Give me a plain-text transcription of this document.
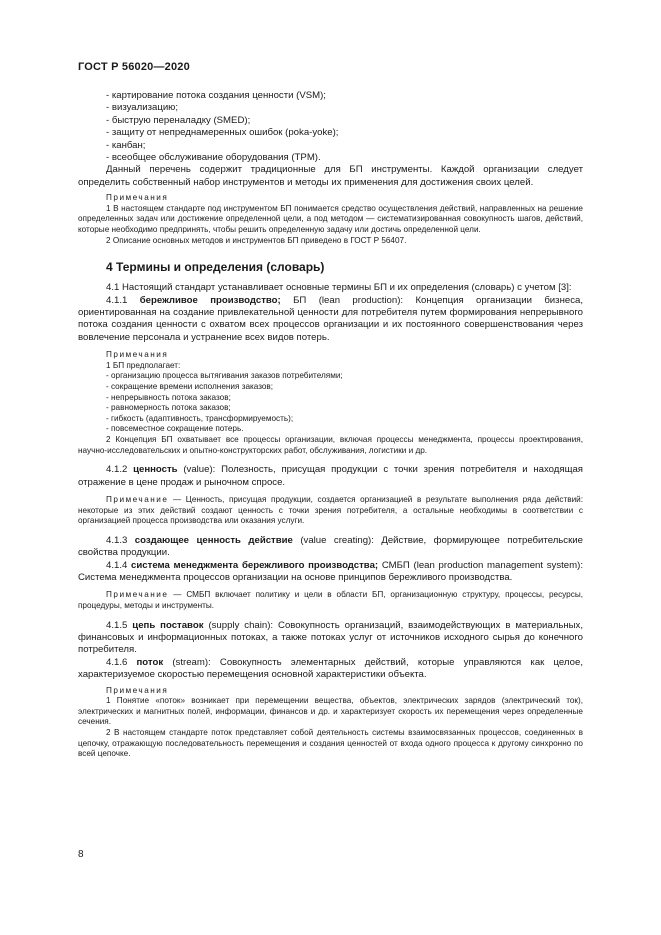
ГОСТ Р 56020—2020

- картирование потока создания ценности (VSM);

- визуализацию;

- быструю переналадку (SMED);

- защиту от непреднамеренных ошибок (poka-yoke);

- канбан;

- всеобщее обслуживание оборудования (TPM).

Данный перечень содержит традиционные для БП инструменты. Каждой организации следует определить собственный набор инструментов и методы их применения для достижения своих целей.

Примечания

1 В настоящем стандарте под инструментом БП понимается средство осуществления действий, направленных на решение определенных задач или достижение определенной цели, а под методом — систематизированная совокупность шагов, действий, которые необходимо предпринять, чтобы решить определенную задачу или достичь определенной цели.

2 Описание основных методов и инструментов БП приведено в ГОСТ Р 56407.

4 Термины и определения (словарь)

4.1 Настоящий стандарт устанавливает основные термины БП и их определения (словарь) с учетом [3]:

4.1.1 бережливое производство; БП (lean production): Концепция организации бизнеса, ориентированная на создание привлекательной ценности для потребителя путем формирования непрерывного потока создания ценности с охватом всех процессов организации и их постоянного совершенствования через вовлечение персонала и устранение всех видов потерь.

Примечания

1 БП предполагает:

- организацию процесса вытягивания заказов потребителями;

- сокращение времени исполнения заказов;

- непрерывность потока заказов;

- равномерность потока заказов;

- гибкость (адаптивность, трансформируемость);

- повсеместное сокращение потерь.

2 Концепция БП охватывает все процессы организации, включая процессы менеджмента, процессы проектирования, научно-исследовательских и опытно-конструкторских работ, обслуживания, логистики и др.

4.1.2 ценность (value): Полезность, присущая продукции с точки зрения потребителя и находящая отражение в цене продаж и рыночном спросе.

Примечание — Ценность, присущая продукции, создается организацией в результате выполнения ряда действий: некоторые из этих действий создают ценность с точки зрения потребителя, а остальные необходимы в соответствии с организацией процесса производства или оказания услуги.

4.1.3 создающее ценность действие (value creating): Действие, формирующее потребительские свойства продукции.

4.1.4 система менеджмента бережливого производства; СМБП (lean production management system): Система менеджмента процессов организации на основе принципов бережливого производства.

Примечание — СМБП включает политику и цели в области БП, организационную структуру, процессы, ресурсы, процедуры, методы и инструменты.

4.1.5 цепь поставок (supply chain): Совокупность организаций, взаимодействующих в материальных, финансовых и информационных потоках, а также потоках услуг от источников исходного сырья до конечного потребителя.

4.1.6 поток (stream): Совокупность элементарных действий, которые управляются как целое, характеризуемое скоростью перемещения основной характеристики объекта.

Примечания

1 Понятие «поток» возникает при перемещении вещества, объектов, электрических зарядов (электрический ток), электрических и магнитных полей, информации, финансов и др. и характеризует скорость их перемещения через определенные сечения.

2 В настоящем стандарте поток представляет собой деятельность системы взаимосвязанных процессов, соединенных в цепочку, отражающую последовательность перемещения и создания ценностей от входа одного процесса к другому синхронно по всей цепочке.

8
